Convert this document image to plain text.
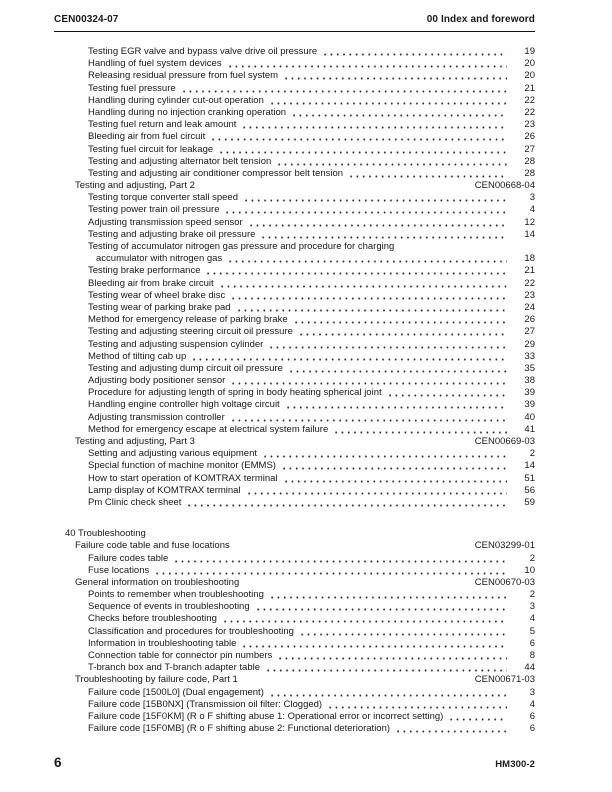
CEN00324-07	00 Index and foreword
Testing EGR valve and bypass valve drive oil pressure	19
Handling of fuel system devices	20
Releasing residual pressure from fuel system	20
Testing fuel pressure	21
Handling during cylinder cut-out operation	22
Handling during no injection cranking operation	22
Testing fuel return and leak amount	23
Bleeding air from fuel circuit	26
Testing fuel circuit for leakage	27
Testing and adjusting alternator belt tension	28
Testing and adjusting air conditioner compressor belt tension	28
Testing and adjusting, Part 2	CEN00668-04
Testing torque converter stall speed	3
Testing power train oil pressure	4
Adjusting transmission speed sensor	12
Testing and adjusting brake oil pressure	14
Testing of accumulator nitrogen gas pressure and procedure for charging
accumulator with nitrogen gas	18
Testing brake performance	21
Bleeding air from brake circuit	22
Testing wear of wheel brake disc	23
Testing wear of parking brake pad	24
Method for emergency release of parking brake	26
Testing and adjusting steering circuit oil pressure	27
Testing and adjusting suspension cylinder	29
Method of tilting cab up	33
Testing and adjusting dump circuit oil pressure	35
Adjusting body positioner sensor	38
Procedure for adjusting length of spring in body heating spherical joint	39
Handling engine controller high voltage circuit	39
Adjusting transmission controller	40
Method for emergency escape at electrical system failure	41
Testing and adjusting, Part 3	CEN00669-03
Setting and adjusting various equipment	2
Special function of machine monitor (EMMS)	14
How to start operation of KOMTRAX terminal	51
Lamp display of KOMTRAX terminal	56
Pm Clinic check sheet	59
40 Troubleshooting
Failure code table and fuse locations	CEN03299-01
Failure codes table	2
Fuse locations	10
General information on troubleshooting	CEN00670-03
Points to remember when troubleshooting	2
Sequence of events in troubleshooting	3
Checks before troubleshooting	4
Classification and procedures for troubleshooting	5
Information in troubleshooting table	6
Connection table for connector pin numbers	8
T-branch box and T-branch adapter table	44
Troubleshooting by failure code, Part 1	CEN00671-03
Failure code [1500L0] (Dual engagement)	3
Failure code [15B0NX] (Transmission oil filter: Clogged)	4
Failure code [15F0KM] (R o F shifting abuse 1: Operational error or incorrect setting)	6
Failure code [15F0MB] (R o F shifting abuse 2: Functional deterioration)	6
6	HM300-2
